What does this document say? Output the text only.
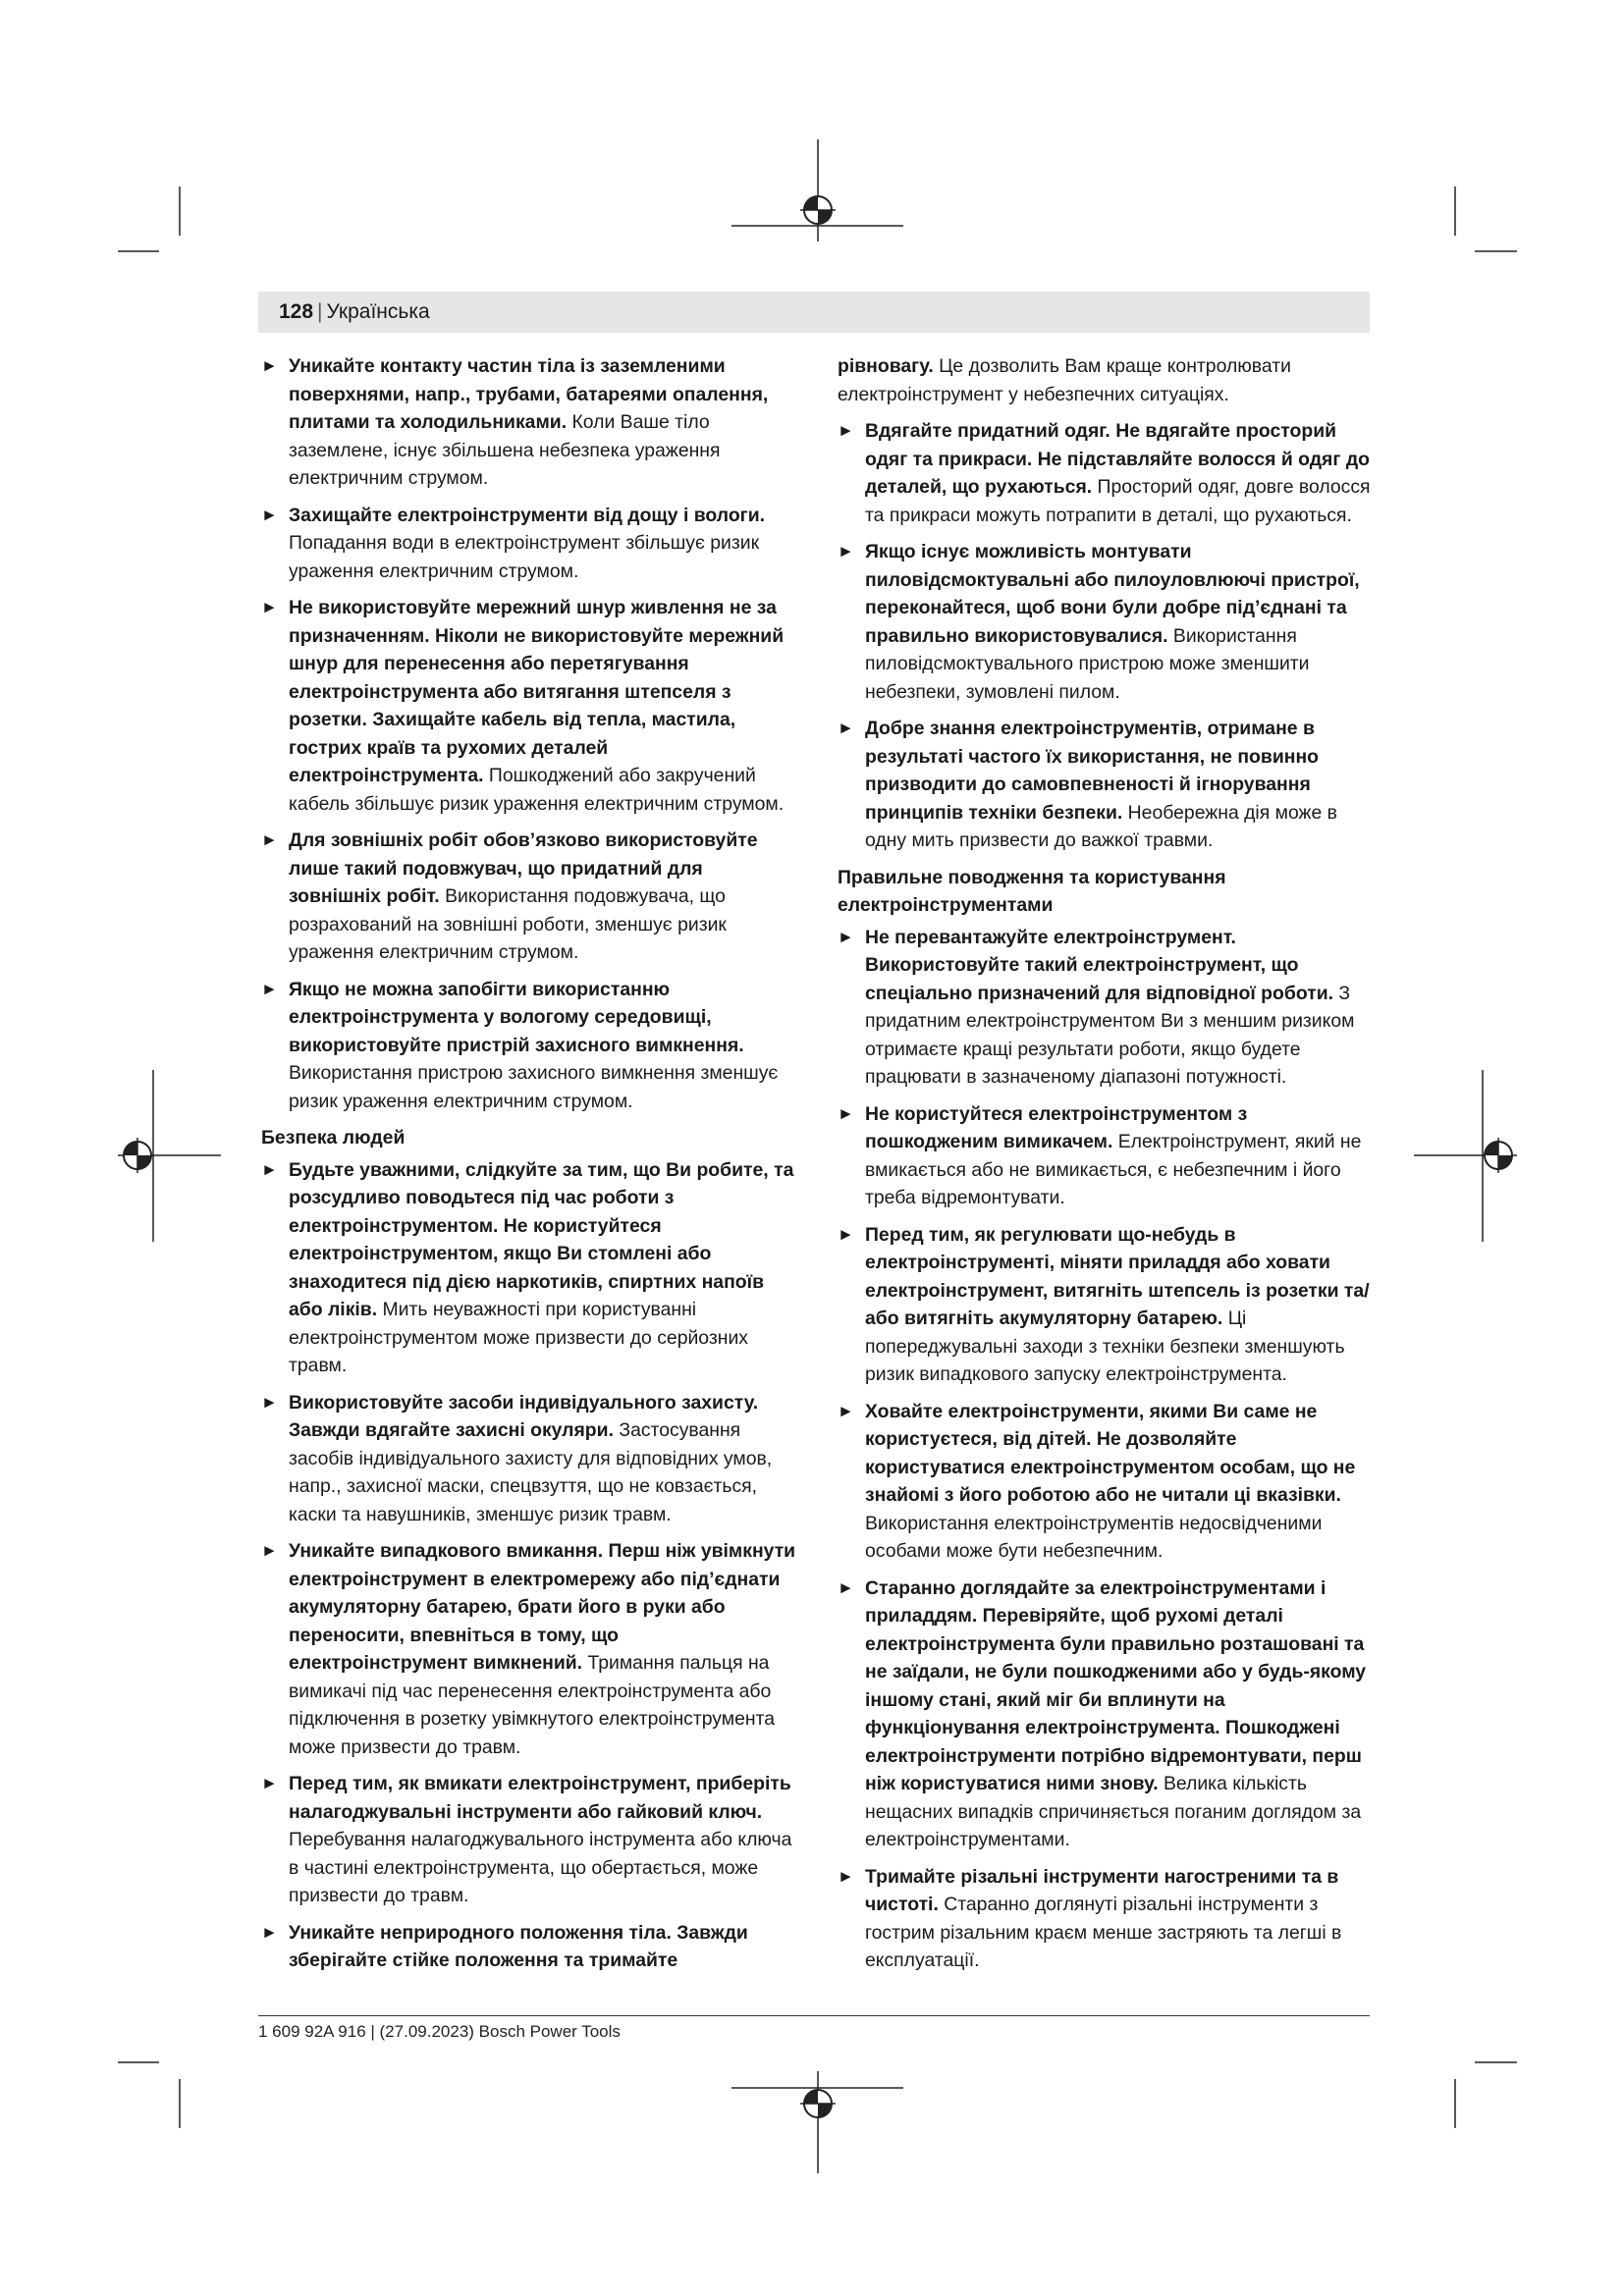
128 | Українська
► Уникайте контакту частин тіла із заземленими поверхнями, напр., трубами, батареями опалення, плитами та холодильниками. Коли Ваше тіло заземлене, існує збільшена небезпека ураження електричним струмом.
► Захищайте електроінструменти від дощу і вологи. Попадання води в електроінструмент збільшує ризик ураження електричним струмом.
► Не використовуйте мережний шнур живлення не за призначенням. Ніколи не використовуйте мережний шнур для перенесення або перетягування електроінструмента або витягання штепселя з розетки. Захищайте кабель від тепла, мастила, гострих країв та рухомих деталей електроінструмента. Пошкоджений або закручений кабель збільшує ризик ураження електричним струмом.
► Для зовнішніх робіт обов’язково використовуйте лише такий подовжувач, що придатний для зовнішніх робіт. Використання подовжувача, що розрахований на зовнішні роботи, зменшує ризик ураження електричним струмом.
► Якщо не можна запобігти використанню електроінструмента у вологому середовищі, використовуйте пристрій захисного вимкнення. Використання пристрою захисного вимкнення зменшує ризик ураження електричним струмом.
Безпека людей
► Будьте уважними, слідкуйте за тим, що Ви робите, та розсудливо поводьтеся під час роботи з електроінструментом. Не користуйтеся електроінструментом, якщо Ви стомлені або знаходитеся під дією наркотиків, спиртних напоїв або ліків. Мить неуважності при користуванні електроінструментом може призвести до серйозних травм.
► Використовуйте засоби індивідуального захисту. Завжди вдягайте захисні окуляри. Застосування засобів індивідуального захисту для відповідних умов, напр., захисної маски, спецвзуття, що не ковзається, каски та навушників, зменшує ризик травм.
► Уникайте випадкового вмикання. Перш ніж увімкнути електроінструмент в електромережу або під’єднати акумуляторну батарею, брати його в руки або переносити, впевніться в тому, що електроінструмент вимкнений. Тримання пальця на вимикачі під час перенесення електроінструмента або підключення в розетку увімкнутого електроінструмента може призвести до травм.
► Перед тим, як вмикати електроінструмент, приберіть налагоджувальні інструменти або гайковий ключ. Перебування налагоджувального інструмента або ключа в частині електроінструмента, що обертається, може призвести до травм.
► Уникайте неприродного положення тіла. Завжди зберігайте стійке положення та тримайте
рівновагу. Це дозволить Вам краще контролювати електроінструмент у небезпечних ситуаціях.
► Вдягайте придатний одяг. Не вдягайте просторий одяг та прикраси. Не підставляйте волосся й одяг до деталей, що рухаються. Просторий одяг, довге волосся та прикраси можуть потрапити в деталі, що рухаються.
► Якщо існує можливість монтувати пиловідсмоктувальні або пилоуловлюючі пристрої, переконайтеся, щоб вони були добре під’єднані та правильно використовувалися. Використання пиловідсмоктувального пристрою може зменшити небезпеки, зумовлені пилом.
► Добре знання електроінструментів, отримане в результаті частого їх використання, не повинно призводити до самовпевненості й ігнорування принципів техніки безпеки. Необережна дія може в одну мить призвести до важкої травми.
Правильне поводження та користування електроінструментами
► Не перевантажуйте електроінструмент. Використовуйте такий електроінструмент, що спеціально призначений для відповідної роботи. З придатним електроінструментом Ви з меншим ризиком отримаєте кращі результати роботи, якщо будете працювати в зазначеному діапазоні потужності.
► Не користуйтеся електроінструментом з пошкодженим вимикачем. Електроінструмент, який не вмикається або не вимикається, є небезпечним і його треба відремонтувати.
► Перед тим, як регулювати що-небудь в електроінструменті, міняти приладдя або ховати електроінструмент, витягніть штепсель із розетки та/або витягніть акумуляторну батарею. Ці попереджувальні заходи з техніки безпеки зменшують ризик випадкового запуску електроінструмента.
► Ховайте електроінструменти, якими Ви саме не користуєтеся, від дітей. Не дозволяйте користуватися електроінструментом особам, що не знайомі з його роботою або не читали ці вказівки. Використання електроінструментів недосвідченими особами може бути небезпечним.
► Старанно доглядайте за електроінструментами і приладдям. Перевіряйте, щоб рухомі деталі електроінструмента були правильно розташовані та не заїдали, не були пошкодженими або у будь-якому іншому стані, який міг би вплинути на функціонування електроінструмента. Пошкоджені електроінструменти потрібно відремонтувати, перш ніж користуватися ними знову. Велика кількість нещасних випадків спричиняється поганим доглядом за електроінструментами.
► Тримайте різальні інструменти нагостреними та в чистоті. Старанно доглянуті різальні інструменти з гострим різальним краєм менше застряють та легші в експлуатації.
1 609 92A 916 | (27.09.2023) Bosch Power Tools
